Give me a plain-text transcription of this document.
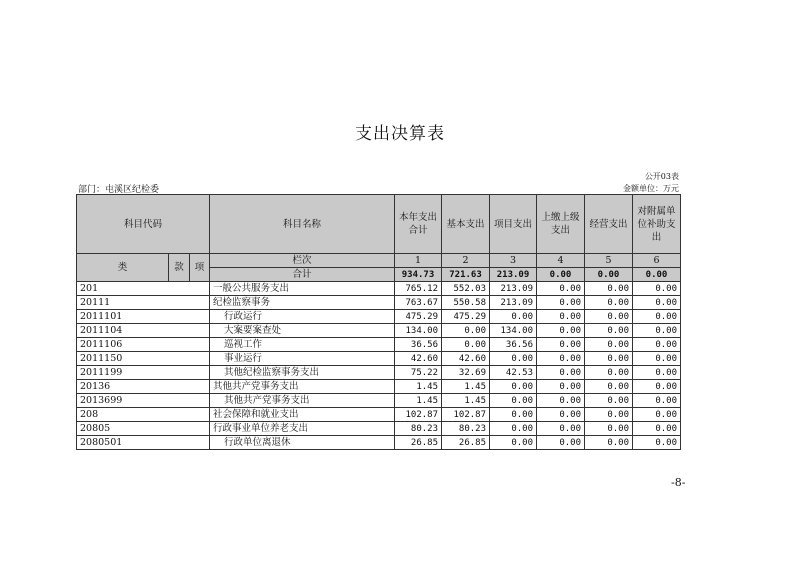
支出决算表
公开03表
部门：屯溪区纪检委	金额单位：万元
科目代码			科目名称	本年支出合计	基本支出	项目支出	上缴上级支出	经营支出	对附属单位补助支出
类	款	项	栏次	1	2	3	4	5	6
			合计	934.73	721.63	213.09	0.00	0.00	0.00
201			一般公共服务支出	765.12	552.03	213.09	0.00	0.00	0.00
20111			纪检监察事务	763.67	550.58	213.09	0.00	0.00	0.00
2011101			行政运行	475.29	475.29	0.00	0.00	0.00	0.00
2011104			大案要案查处	134.00	0.00	134.00	0.00	0.00	0.00
2011106			巡视工作	36.56	0.00	36.56	0.00	0.00	0.00
2011150			事业运行	42.60	42.60	0.00	0.00	0.00	0.00
2011199			其他纪检监察事务支出	75.22	32.69	42.53	0.00	0.00	0.00
20136			其他共产党事务支出	1.45	1.45	0.00	0.00	0.00	0.00
2013699			其他共产党事务支出	1.45	1.45	0.00	0.00	0.00	0.00
208			社会保障和就业支出	102.87	102.87	0.00	0.00	0.00	0.00
20805			行政事业单位养老支出	80.23	80.23	0.00	0.00	0.00	0.00
2080501			行政单位离退休	26.85	26.85	0.00	0.00	0.00	0.00
-8-
